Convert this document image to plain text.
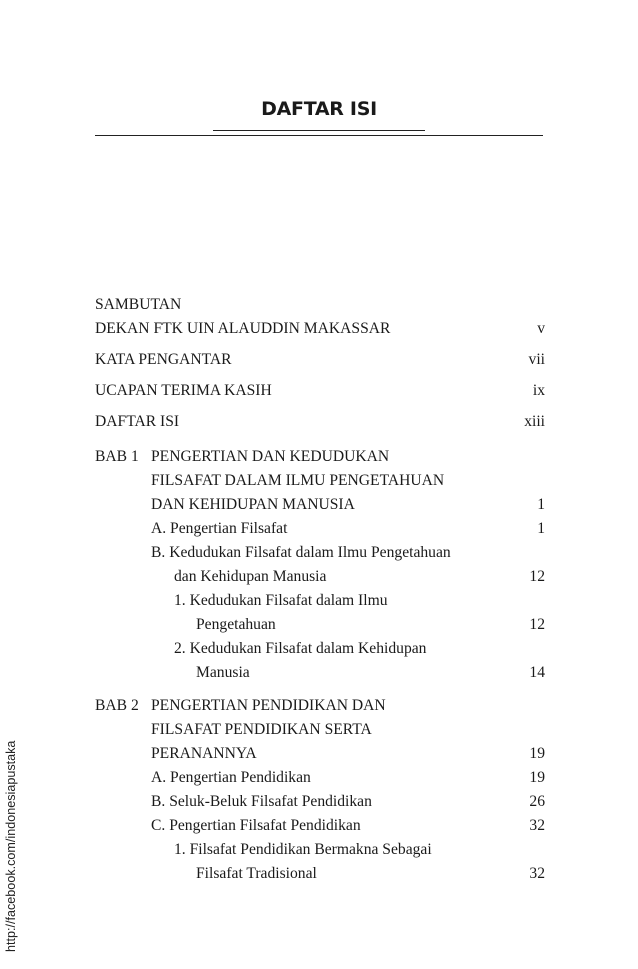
DAFTAR ISI
SAMBUTAN
DEKAN FTK UIN ALAUDDIN MAKASSAR	v
KATA PENGANTAR	vii
UCAPAN TERIMA KASIH	ix
DAFTAR ISI	xiii
BAB 1 PENGERTIAN DAN KEDUDUKAN
FILSAFAT DALAM ILMU PENGETAHUAN
DAN KEHIDUPAN MANUSIA	1
A. Pengertian Filsafat	1
B. Kedudukan Filsafat dalam Ilmu Pengetahuan
dan Kehidupan Manusia	12
1. Kedudukan Filsafat dalam Ilmu
Pengetahuan	12
2. Kedudukan Filsafat dalam Kehidupan
Manusia	14
BAB 2 PENGERTIAN PENDIDIKAN DAN
FILSAFAT PENDIDIKAN SERTA
PERANANNYA	19
A. Pengertian Pendidikan	19
B. Seluk-Beluk Filsafat Pendidikan	26
C. Pengertian Filsafat Pendidikan	32
1. Filsafat Pendidikan Bermakna Sebagai
Filsafat Tradisional	32
http://facebook.com/indonesiapustaka
